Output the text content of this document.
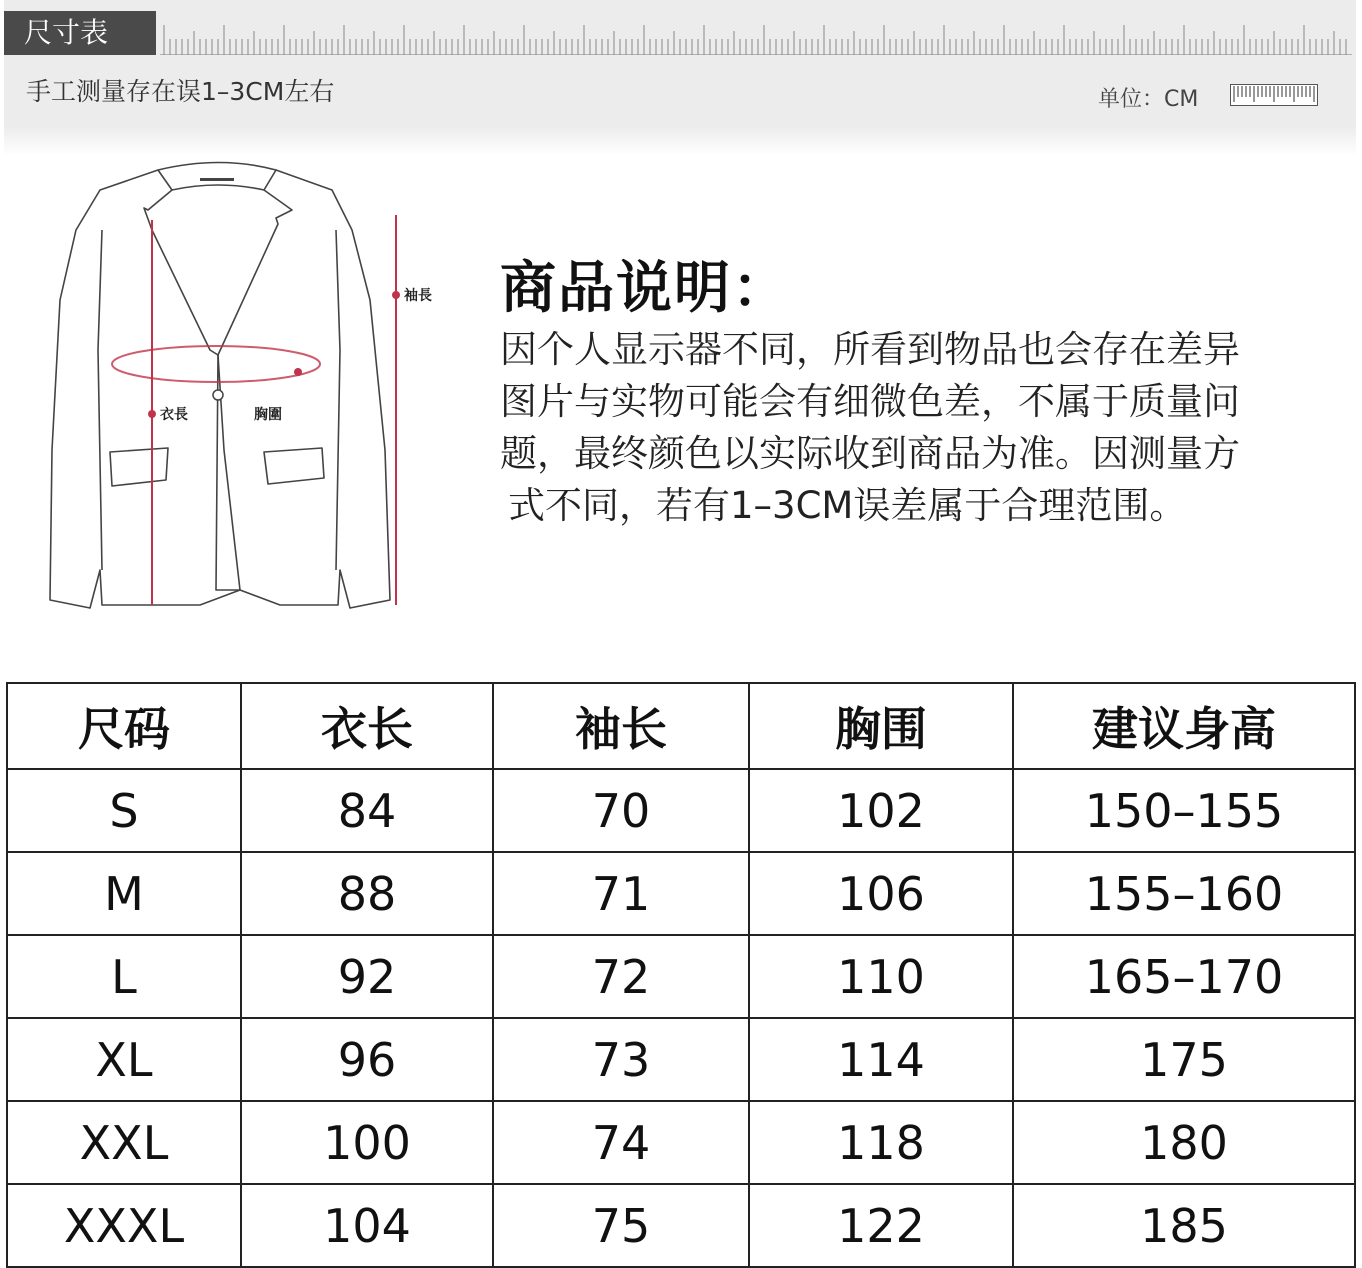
尺寸表
手工测量存在误1–3CM左右	单位：CM
袖長
衣長	胸圍
商品说明：
因个人显示器不同，所看到物品也会存在差异
图片与实物可能会有细微色差，不属于质量问
题，最终颜色以实际收到商品为准。因测量方
式不同，若有1–3CM误差属于合理范围。
尺码	衣长	袖长	胸围	建议身高
S	84	70	102	150–155
M	88	71	106	155–160
L	92	72	110	165–170
XL	96	73	114	175
XXL	100	74	118	180
XXXL	104	75	122	185
